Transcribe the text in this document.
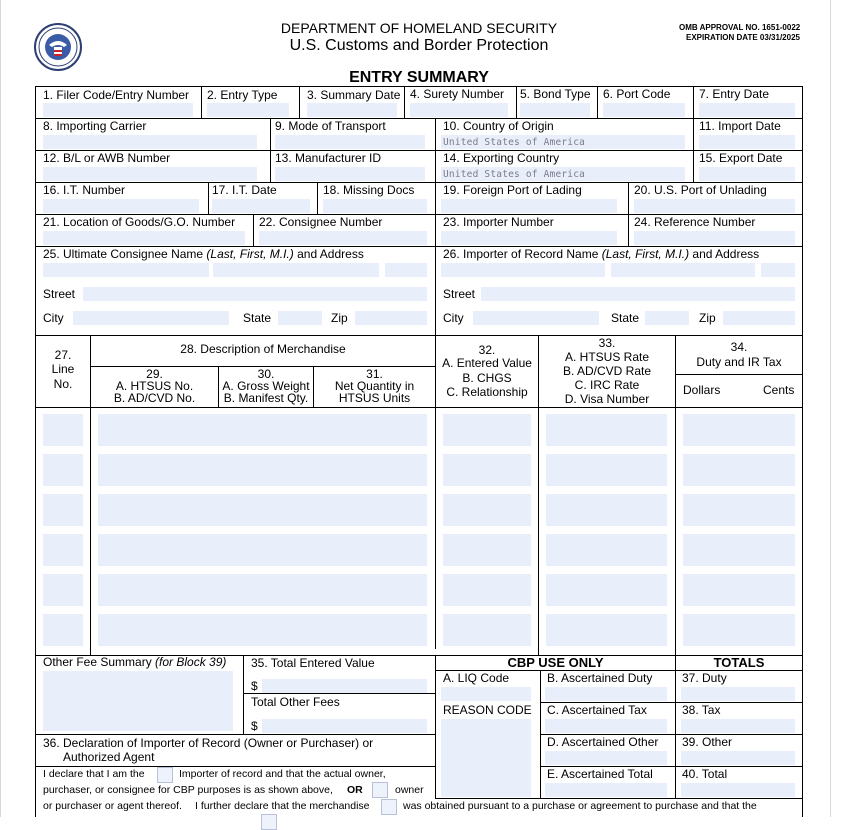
DEPARTMENT OF HOMELAND SECURITY
U.S. Customs and Border Protection
OMB APPROVAL NO. 1651-0022
EXPIRATION DATE 03/31/2025
ENTRY SUMMARY
1. Filer Code/Entry Number 2. Entry Type 3. Summary Date 4. Surety Number 5. Bond Type 6. Port Code 7. Entry Date
8. Importing Carrier	9. Mode of Transport	10. Country of Origin
United States of America
11. Import Date
12. B/L or AWB Number	13. Manufacturer ID	14. Exporting Country
United States of America
15. Export Date
16. I.T. Number	17. I.T. Date	18. Missing Docs 19. Foreign Port of Lading	20. U.S. Port of Unlading
21. Location of Goods/G.O. Number 22. Consignee Number	23. Importer Number	24. Reference Number
25. Ultimate Consignee Name (Last, First, M.I.) and Address
Street
City	State	Zip
26. Importer of Record Name (Last, First, M.I.) and Address
Street
City	State	Zip
27.
Line
No.
28. Description of Merchandise
29.
A. HTSUS No.
B. AD/CVD No.
30.
A. Gross Weight
B. Manifest Qty.
31.
Net Quantity in
HTSUS Units
32.
A. Entered Value
B. CHGS
C. Relationship
33.
A. HTSUS Rate
B. AD/CVD Rate
C. IRC Rate
D. Visa Number
34.
Duty and IR Tax
Dollars	Cents
Other Fee Summary (for Block 39) 35. Total Entered Value
$
Total Other Fees
$
CBP USE ONLY	TOTALS
A. LIQ Code
REASON CODE
B. Ascertained Duty
C. Ascertained Tax
D. Ascertained Other
E. Ascertained Total
37. Duty
38. Tax
39. Other
40. Total
36. Declaration of Importer of Record (Owner or Purchaser) or
Authorized Agent
I declare that I am the	Importer of record and that the actual owner,
purchaser, or consignee for CBP purposes is as shown above, OR	owner
or purchaser or agent thereof. I further declare that the merchandise	was obtained pursuant to a purchase or agreement to purchase and that the
